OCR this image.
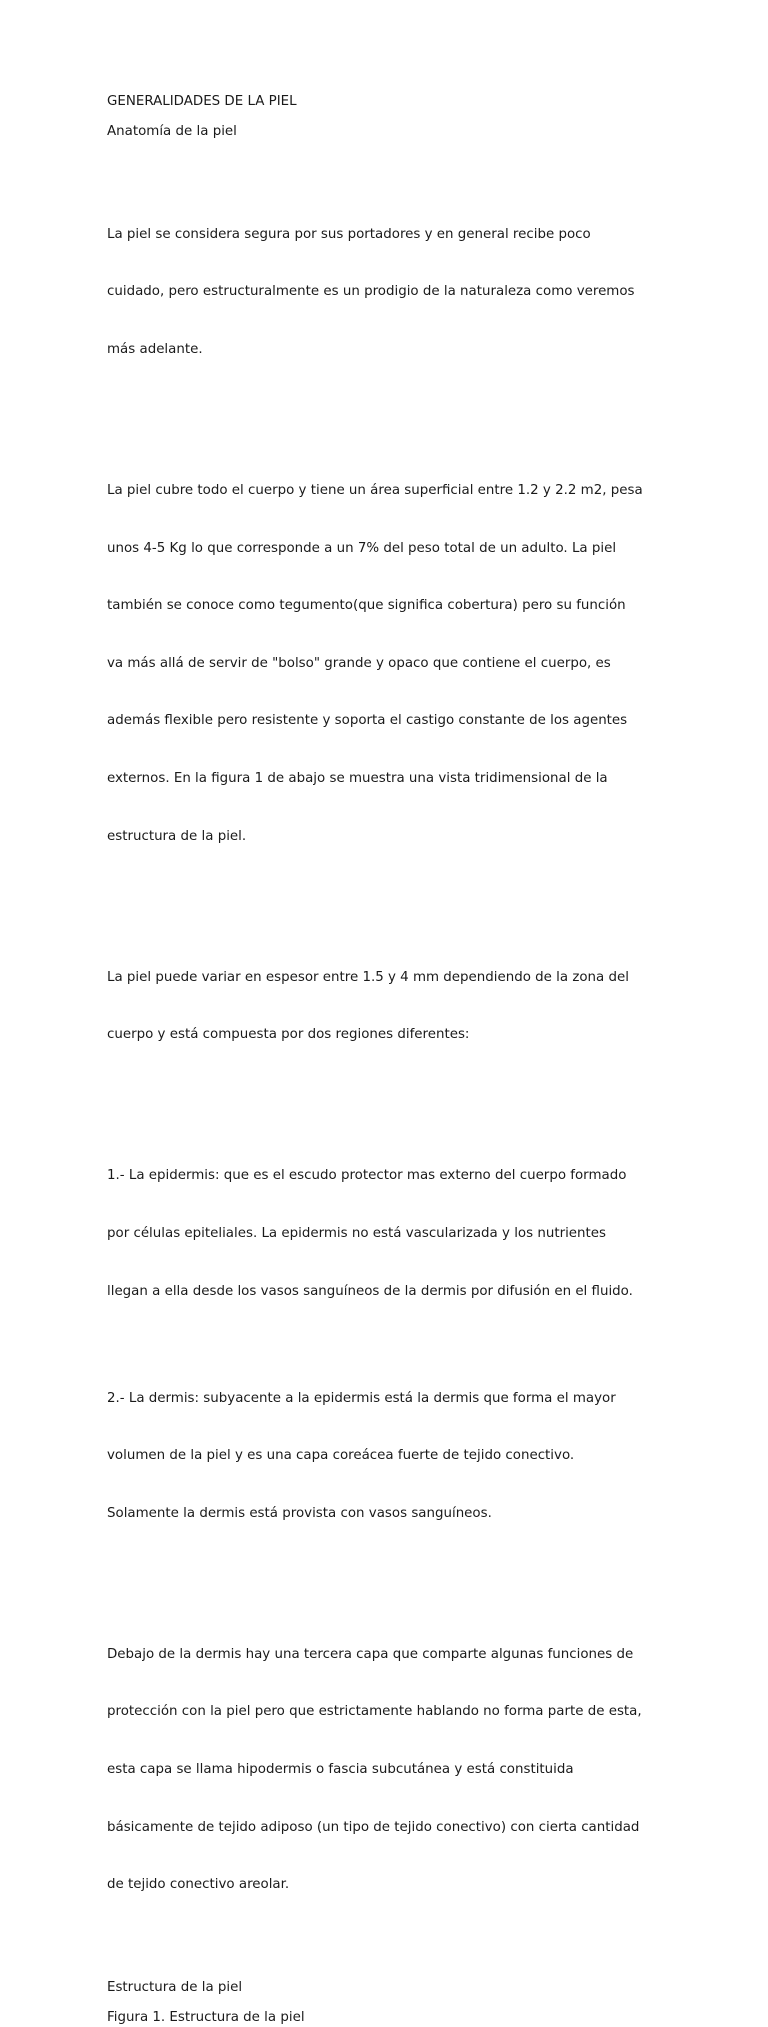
GENERALIDADES DE LA PIEL

Anatomía de la piel

La piel se considera segura por sus portadores y en general recibe poco

cuidado, pero estructuralmente es un prodigio de la naturaleza como veremos

más adelante.

La piel cubre todo el cuerpo y tiene un área superficial entre 1.2 y 2.2 m2, pesa

unos 4-5 Kg lo que corresponde a un 7% del peso total de un adulto. La piel

también se conoce como tegumento(que significa cobertura) pero su función

va más allá de servir de "bolso" grande y opaco que contiene el cuerpo, es

además flexible pero resistente y soporta el castigo constante de los agentes

externos. En la figura 1 de abajo se muestra una vista tridimensional de la

estructura de la piel.

La piel puede variar en espesor entre 1.5 y 4 mm dependiendo de la zona del

cuerpo y está compuesta por dos regiones diferentes:

1.- La epidermis: que es el escudo protector mas externo del cuerpo formado

por células epiteliales. La epidermis no está vascularizada y los nutrientes

llegan a ella desde los vasos sanguíneos de la dermis por difusión en el fluido.

2.- La dermis: subyacente a la epidermis está la dermis que forma el mayor

volumen de la piel y es una capa coreácea fuerte de tejido conectivo.

Solamente la dermis está provista con vasos sanguíneos.

Debajo de la dermis hay una tercera capa que comparte algunas funciones de

protección con la piel pero que estrictamente hablando no forma parte de esta,

esta capa se llama hipodermis o fascia subcutánea y está constituida

básicamente de tejido adiposo (un tipo de tejido conectivo) con cierta cantidad

de tejido conectivo areolar.

Estructura de la piel

Figura 1. Estructura de la piel
